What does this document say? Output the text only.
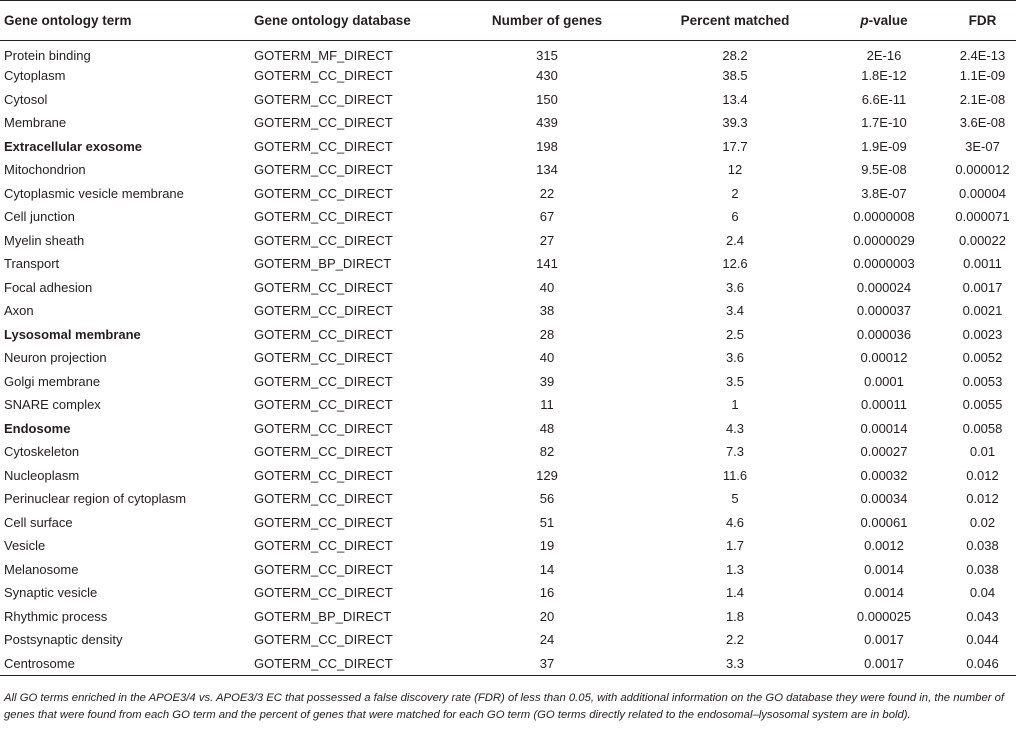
Gene ontology term	Gene ontology database	Number of genes	Percent matched	p-value	FDR
Protein binding	GOTERM_MF_DIRECT	315	28.2	2E-16	2.4E-13
Cytoplasm	GOTERM_CC_DIRECT	430	38.5	1.8E-12	1.1E-09
Cytosol	GOTERM_CC_DIRECT	150	13.4	6.6E-11	2.1E-08
Membrane	GOTERM_CC_DIRECT	439	39.3	1.7E-10	3.6E-08
Extracellular exosome	GOTERM_CC_DIRECT	198	17.7	1.9E-09	3E-07
Mitochondrion	GOTERM_CC_DIRECT	134	12	9.5E-08	0.000012
Cytoplasmic vesicle membrane	GOTERM_CC_DIRECT	22	2	3.8E-07	0.00004
Cell junction	GOTERM_CC_DIRECT	67	6	0.0000008	0.000071
Myelin sheath	GOTERM_CC_DIRECT	27	2.4	0.0000029	0.00022
Transport	GOTERM_BP_DIRECT	141	12.6	0.0000003	0.0011
Focal adhesion	GOTERM_CC_DIRECT	40	3.6	0.000024	0.0017
Axon	GOTERM_CC_DIRECT	38	3.4	0.000037	0.0021
Lysosomal membrane	GOTERM_CC_DIRECT	28	2.5	0.000036	0.0023
Neuron projection	GOTERM_CC_DIRECT	40	3.6	0.00012	0.0052
Golgi membrane	GOTERM_CC_DIRECT	39	3.5	0.0001	0.0053
SNARE complex	GOTERM_CC_DIRECT	11	1	0.00011	0.0055
Endosome	GOTERM_CC_DIRECT	48	4.3	0.00014	0.0058
Cytoskeleton	GOTERM_CC_DIRECT	82	7.3	0.00027	0.01
Nucleoplasm	GOTERM_CC_DIRECT	129	11.6	0.00032	0.012
Perinuclear region of cytoplasm	GOTERM_CC_DIRECT	56	5	0.00034	0.012
Cell surface	GOTERM_CC_DIRECT	51	4.6	0.00061	0.02
Vesicle	GOTERM_CC_DIRECT	19	1.7	0.0012	0.038
Melanosome	GOTERM_CC_DIRECT	14	1.3	0.0014	0.038
Synaptic vesicle	GOTERM_CC_DIRECT	16	1.4	0.0014	0.04
Rhythmic process	GOTERM_BP_DIRECT	20	1.8	0.000025	0.043
Postsynaptic density	GOTERM_CC_DIRECT	24	2.2	0.0017	0.044
Centrosome	GOTERM_CC_DIRECT	37	3.3	0.0017	0.046
All GO terms enriched in the APOE3/4 vs. APOE3/3 EC that possessed a false discovery rate (FDR) of less than 0.05, with additional information on the GO database they were found in, the number of genes that were found from each GO term and the percent of genes that were matched for each GO term (GO terms directly related to the endosomal–lysosomal system are in bold).
